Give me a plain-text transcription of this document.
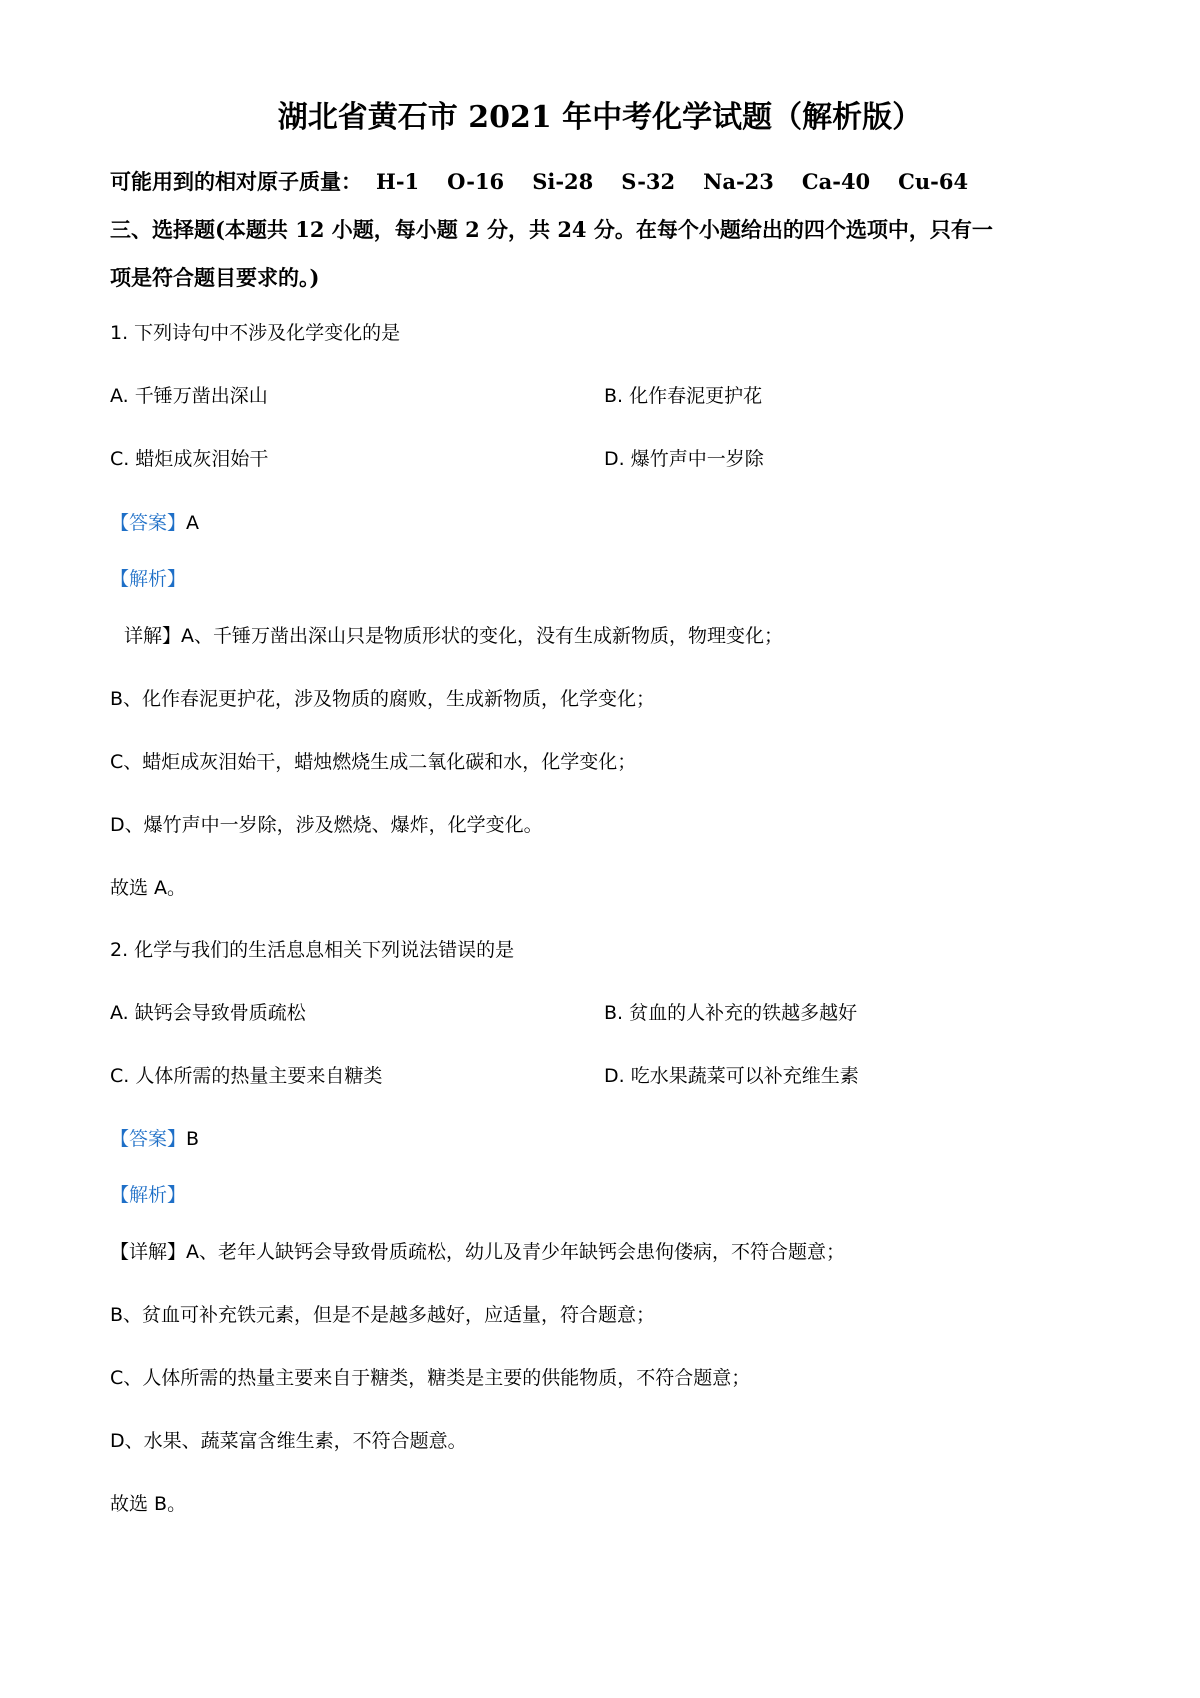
湖北省黄石市 2021 年中考化学试题（解析版）
可能用到的相对原子质量： H-1 O-16 Si-28 S-32 Na-23 Ca-40 Cu-64
三、选择题(本题共 12 小题，每小题 2 分，共 24 分。在每个小题给出的四个选项中，只有一
项是符合题目要求的。)
1. 下列诗句中不涉及化学变化的是
A. 千锤万凿出深山	B. 化作春泥更护花
C. 蜡炬成灰泪始干	D. 爆竹声中一岁除
【答案】A
【解析】
详解】A、千锤万凿出深山只是物质形状的变化，没有生成新物质，物理变化；
B、化作春泥更护花，涉及物质的腐败，生成新物质，化学变化；
C、蜡炬成灰泪始干，蜡烛燃烧生成二氧化碳和水，化学变化；
D、爆竹声中一岁除，涉及燃烧、爆炸，化学变化。
故选 A。
2. 化学与我们的生活息息相关下列说法错误的是
A. 缺钙会导致骨质疏松	B. 贫血的人补充的铁越多越好
C. 人体所需的热量主要来自糖类	D. 吃水果蔬菜可以补充维生素
【答案】B
【解析】
【详解】A、老年人缺钙会导致骨质疏松，幼儿及青少年缺钙会患佝偻病，不符合题意；
B、贫血可补充铁元素，但是不是越多越好，应适量，符合题意；
C、人体所需的热量主要来自于糖类，糖类是主要的供能物质，不符合题意；
D、水果、蔬菜富含维生素，不符合题意。
故选 B。
